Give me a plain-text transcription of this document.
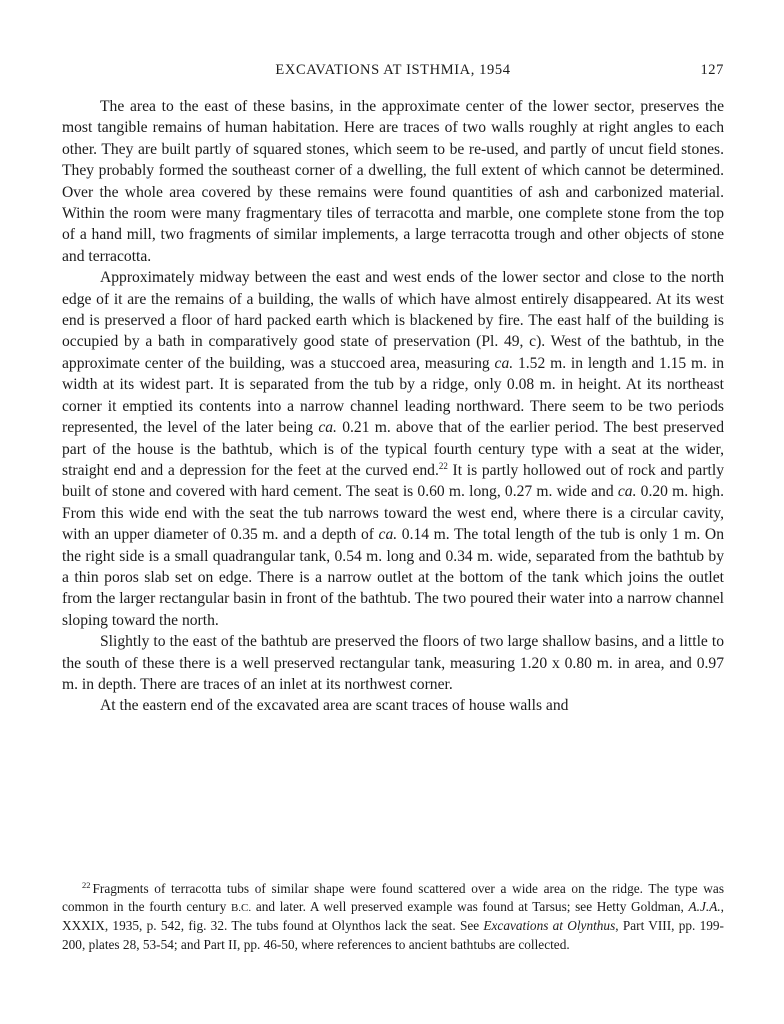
EXCAVATIONS AT ISTHMIA, 1954	127

The area to the east of these basins, in the approximate center of the lower sector, preserves the most tangible remains of human habitation. Here are traces of two walls roughly at right angles to each other. They are built partly of squared stones, which seem to be re-used, and partly of uncut field stones. They probably formed the southeast corner of a dwelling, the full extent of which cannot be determined. Over the whole area covered by these remains were found quantities of ash and carbonized material. Within the room were many fragmentary tiles of terracotta and marble, one complete stone from the top of a hand mill, two fragments of similar implements, a large terracotta trough and other objects of stone and terracotta.

Approximately midway between the east and west ends of the lower sector and close to the north edge of it are the remains of a building, the walls of which have almost entirely disappeared. At its west end is preserved a floor of hard packed earth which is blackened by fire. The east half of the building is occupied by a bath in comparatively good state of preservation (Pl. 49, c). West of the bathtub, in the approximate center of the building, was a stuccoed area, measuring ca. 1.52 m. in length and 1.15 m. in width at its widest part. It is separated from the tub by a ridge, only 0.08 m. in height. At its northeast corner it emptied its contents into a narrow channel leading northward. There seem to be two periods represented, the level of the later being ca. 0.21 m. above that of the earlier period. The best preserved part of the house is the bathtub, which is of the typical fourth century type with a seat at the wider, straight end and a depression for the feet at the curved end.$^{22}$ It is partly hollowed out of rock and partly built of stone and covered with hard cement. The seat is 0.60 m. long, 0.27 m. wide and ca. 0.20 m. high. From this wide end with the seat the tub narrows toward the west end, where there is a circular cavity, with an upper diameter of 0.35 m. and a depth of ca. 0.14 m. The total length of the tub is only 1 m. On the right side is a small quadrangular tank, 0.54 m. long and 0.34 m. wide, separated from the bathtub by a thin poros slab set on edge. There is a narrow outlet at the bottom of the tank which joins the outlet from the larger rectangular basin in front of the bathtub. The two poured their water into a narrow channel sloping toward the north.

Slightly to the east of the bathtub are preserved the floors of two large shallow basins, and a little to the south of these there is a well preserved rectangular tank, measuring 1.20 x 0.80 m. in area, and 0.97 m. in depth. There are traces of an inlet at its northwest corner.

At the eastern end of the excavated area are scant traces of house walls and

$^{22}$ Fragments of terracotta tubs of similar shape were found scattered over a wide area on the ridge. The type was common in the fourth century B.C. and later. A well preserved example was found at Tarsus; see Hetty Goldman, A.J.A., XXXIX, 1935, p. 542, fig. 32. The tubs found at Olynthos lack the seat. See Excavations at Olynthus, Part VIII, pp. 199-200, plates 28, 53-54; and Part II, pp. 46-50, where references to ancient bathtubs are collected.
